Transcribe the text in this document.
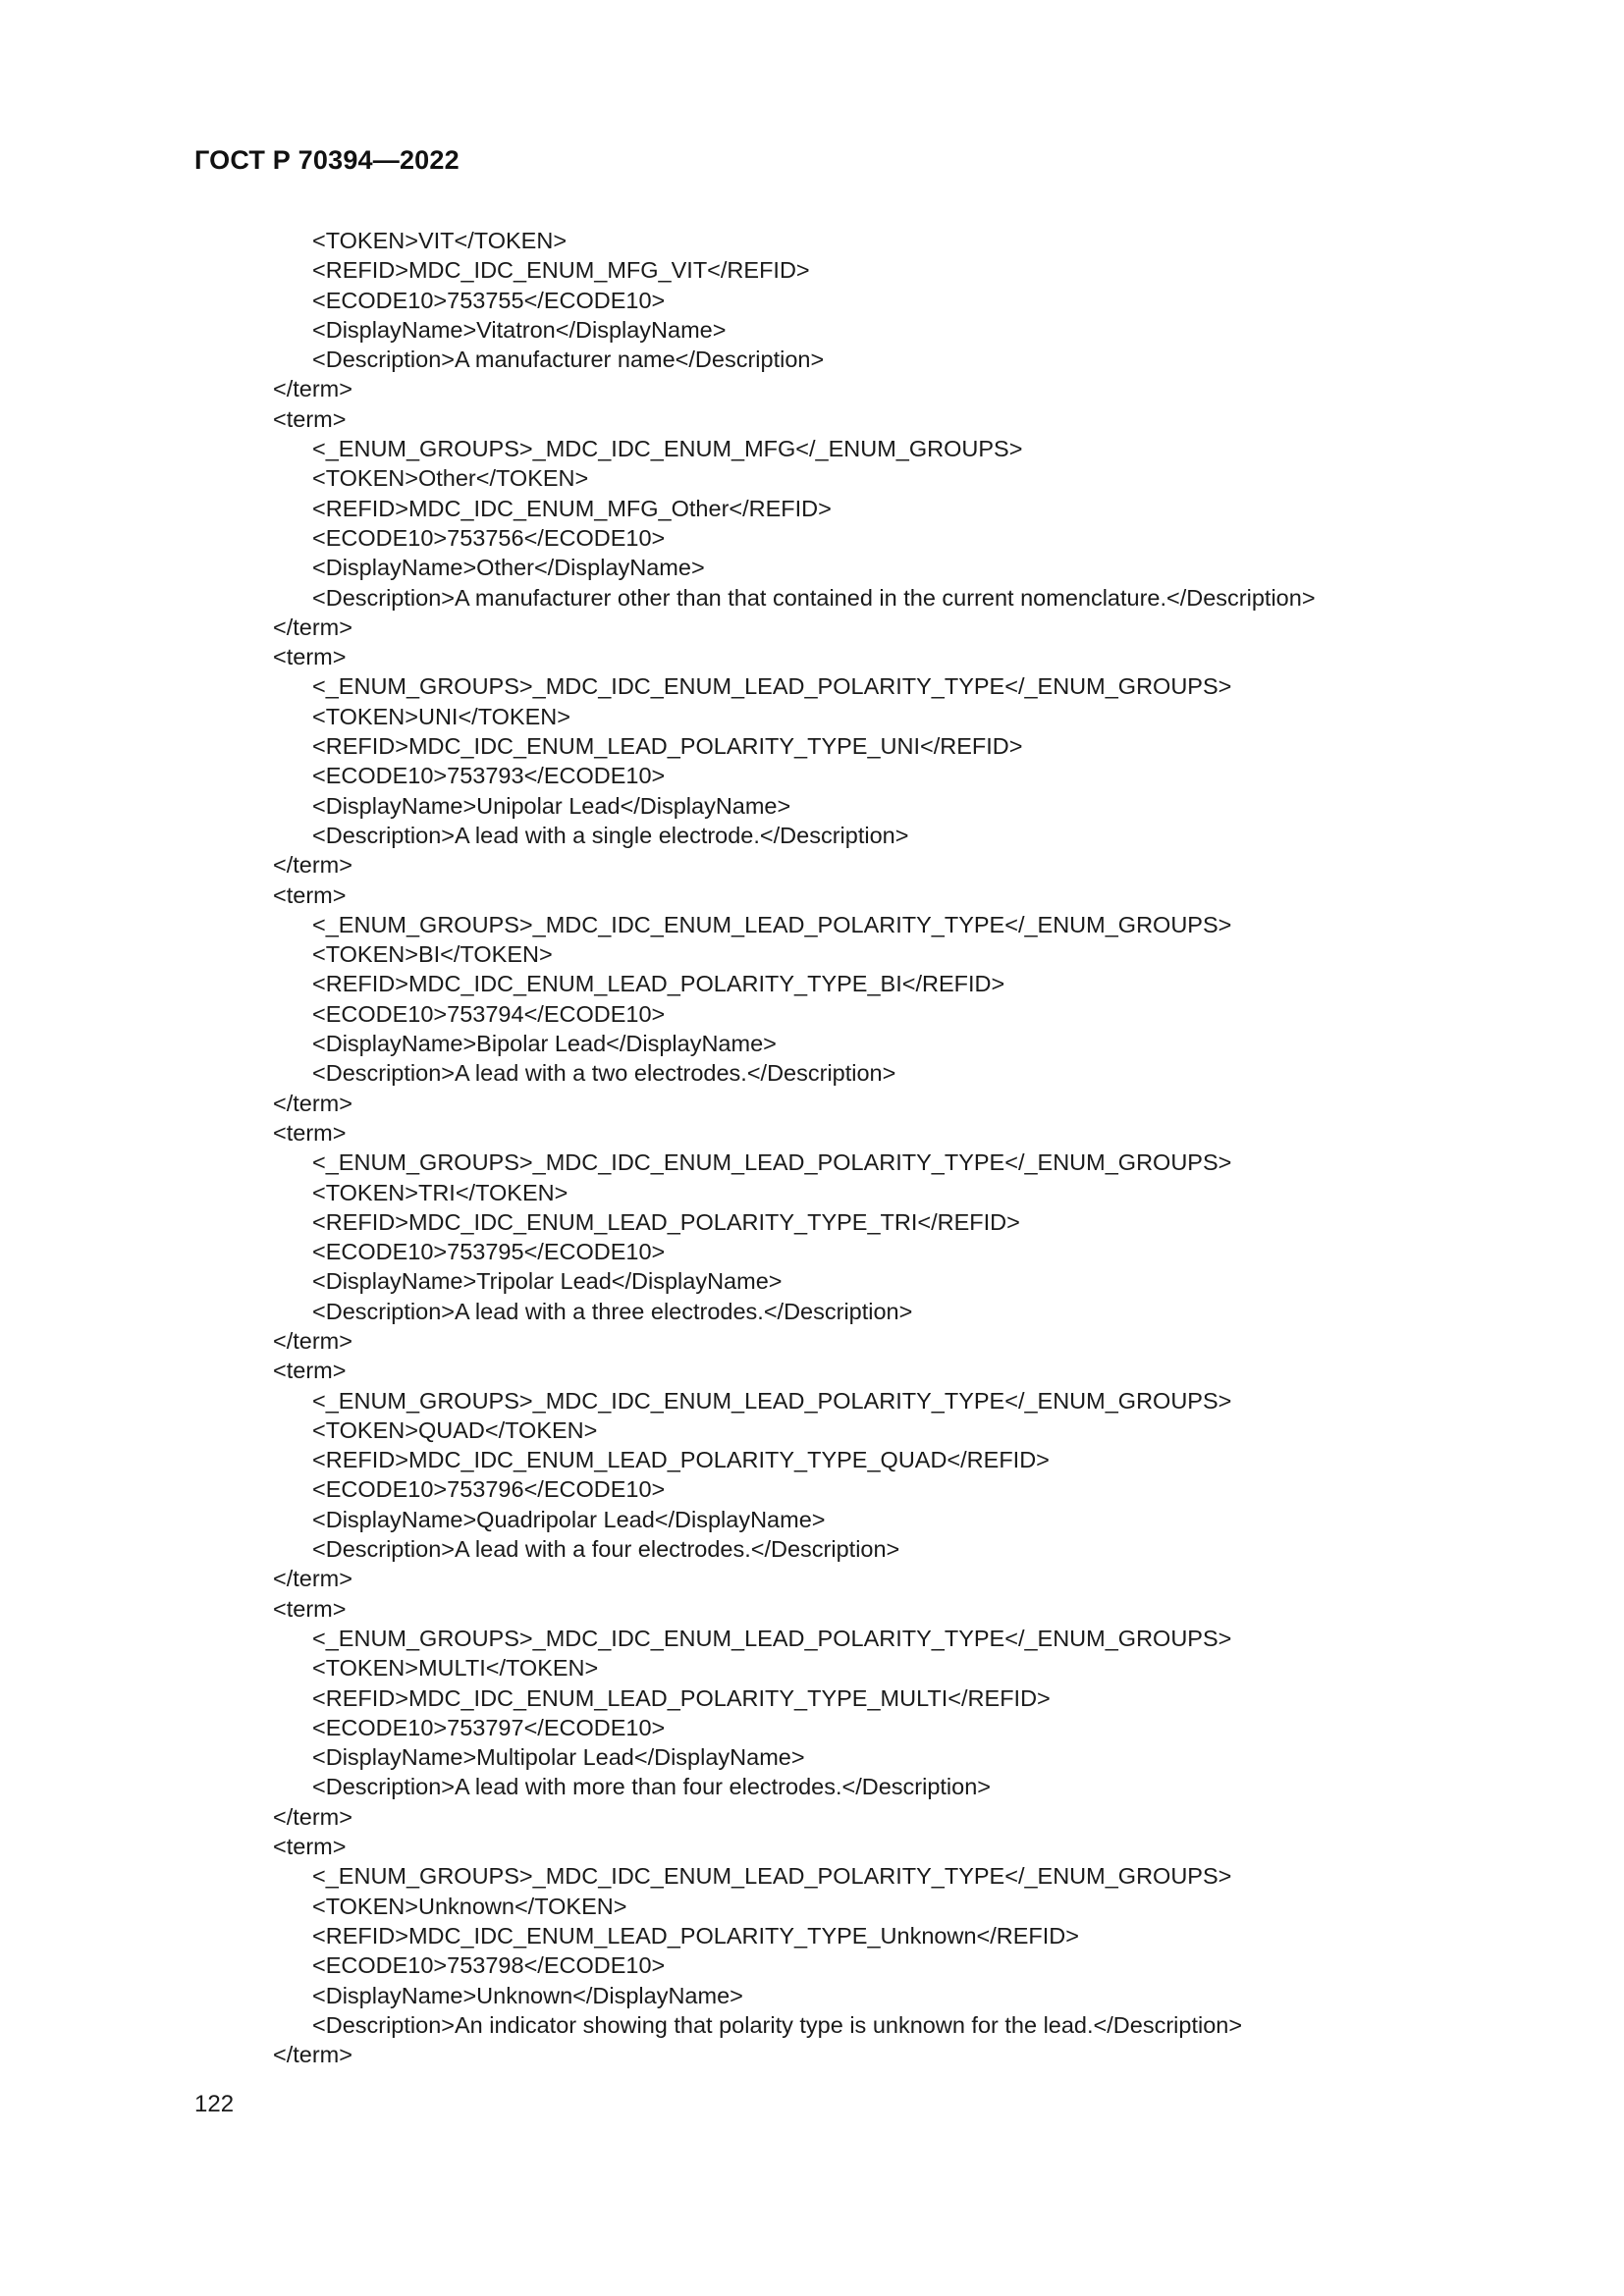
ГОСТ Р 70394—2022
<TOKEN>VIT</TOKEN>
<REFID>MDC_IDC_ENUM_MFG_VIT</REFID>
<ECODE10>753755</ECODE10>
<DisplayName>Vitatron</DisplayName>
<Description>A manufacturer name</Description>
</term>
<term>
<_ENUM_GROUPS>_MDC_IDC_ENUM_MFG</_ENUM_GROUPS>
<TOKEN>Other</TOKEN>
<REFID>MDC_IDC_ENUM_MFG_Other</REFID>
<ECODE10>753756</ECODE10>
<DisplayName>Other</DisplayName>
<Description>A manufacturer other than that contained in the current nomenclature.</Description>
</term>
<term>
<_ENUM_GROUPS>_MDC_IDC_ENUM_LEAD_POLARITY_TYPE</_ENUM_GROUPS>
<TOKEN>UNI</TOKEN>
<REFID>MDC_IDC_ENUM_LEAD_POLARITY_TYPE_UNI</REFID>
<ECODE10>753793</ECODE10>
<DisplayName>Unipolar Lead</DisplayName>
<Description>A lead with a single electrode.</Description>
</term>
<term>
<_ENUM_GROUPS>_MDC_IDC_ENUM_LEAD_POLARITY_TYPE</_ENUM_GROUPS>
<TOKEN>BI</TOKEN>
<REFID>MDC_IDC_ENUM_LEAD_POLARITY_TYPE_BI</REFID>
<ECODE10>753794</ECODE10>
<DisplayName>Bipolar Lead</DisplayName>
<Description>A lead with a two electrodes.</Description>
</term>
<term>
<_ENUM_GROUPS>_MDC_IDC_ENUM_LEAD_POLARITY_TYPE</_ENUM_GROUPS>
<TOKEN>TRI</TOKEN>
<REFID>MDC_IDC_ENUM_LEAD_POLARITY_TYPE_TRI</REFID>
<ECODE10>753795</ECODE10>
<DisplayName>Tripolar Lead</DisplayName>
<Description>A lead with a three electrodes.</Description>
</term>
<term>
<_ENUM_GROUPS>_MDC_IDC_ENUM_LEAD_POLARITY_TYPE</_ENUM_GROUPS>
<TOKEN>QUAD</TOKEN>
<REFID>MDC_IDC_ENUM_LEAD_POLARITY_TYPE_QUAD</REFID>
<ECODE10>753796</ECODE10>
<DisplayName>Quadripolar Lead</DisplayName>
<Description>A lead with a four electrodes.</Description>
</term>
<term>
<_ENUM_GROUPS>_MDC_IDC_ENUM_LEAD_POLARITY_TYPE</_ENUM_GROUPS>
<TOKEN>MULTI</TOKEN>
<REFID>MDC_IDC_ENUM_LEAD_POLARITY_TYPE_MULTI</REFID>
<ECODE10>753797</ECODE10>
<DisplayName>Multipolar Lead</DisplayName>
<Description>A lead with more than four electrodes.</Description>
</term>
<term>
<_ENUM_GROUPS>_MDC_IDC_ENUM_LEAD_POLARITY_TYPE</_ENUM_GROUPS>
<TOKEN>Unknown</TOKEN>
<REFID>MDC_IDC_ENUM_LEAD_POLARITY_TYPE_Unknown</REFID>
<ECODE10>753798</ECODE10>
<DisplayName>Unknown</DisplayName>
<Description>An indicator showing that polarity type is unknown for the lead.</Description>
</term>
122
